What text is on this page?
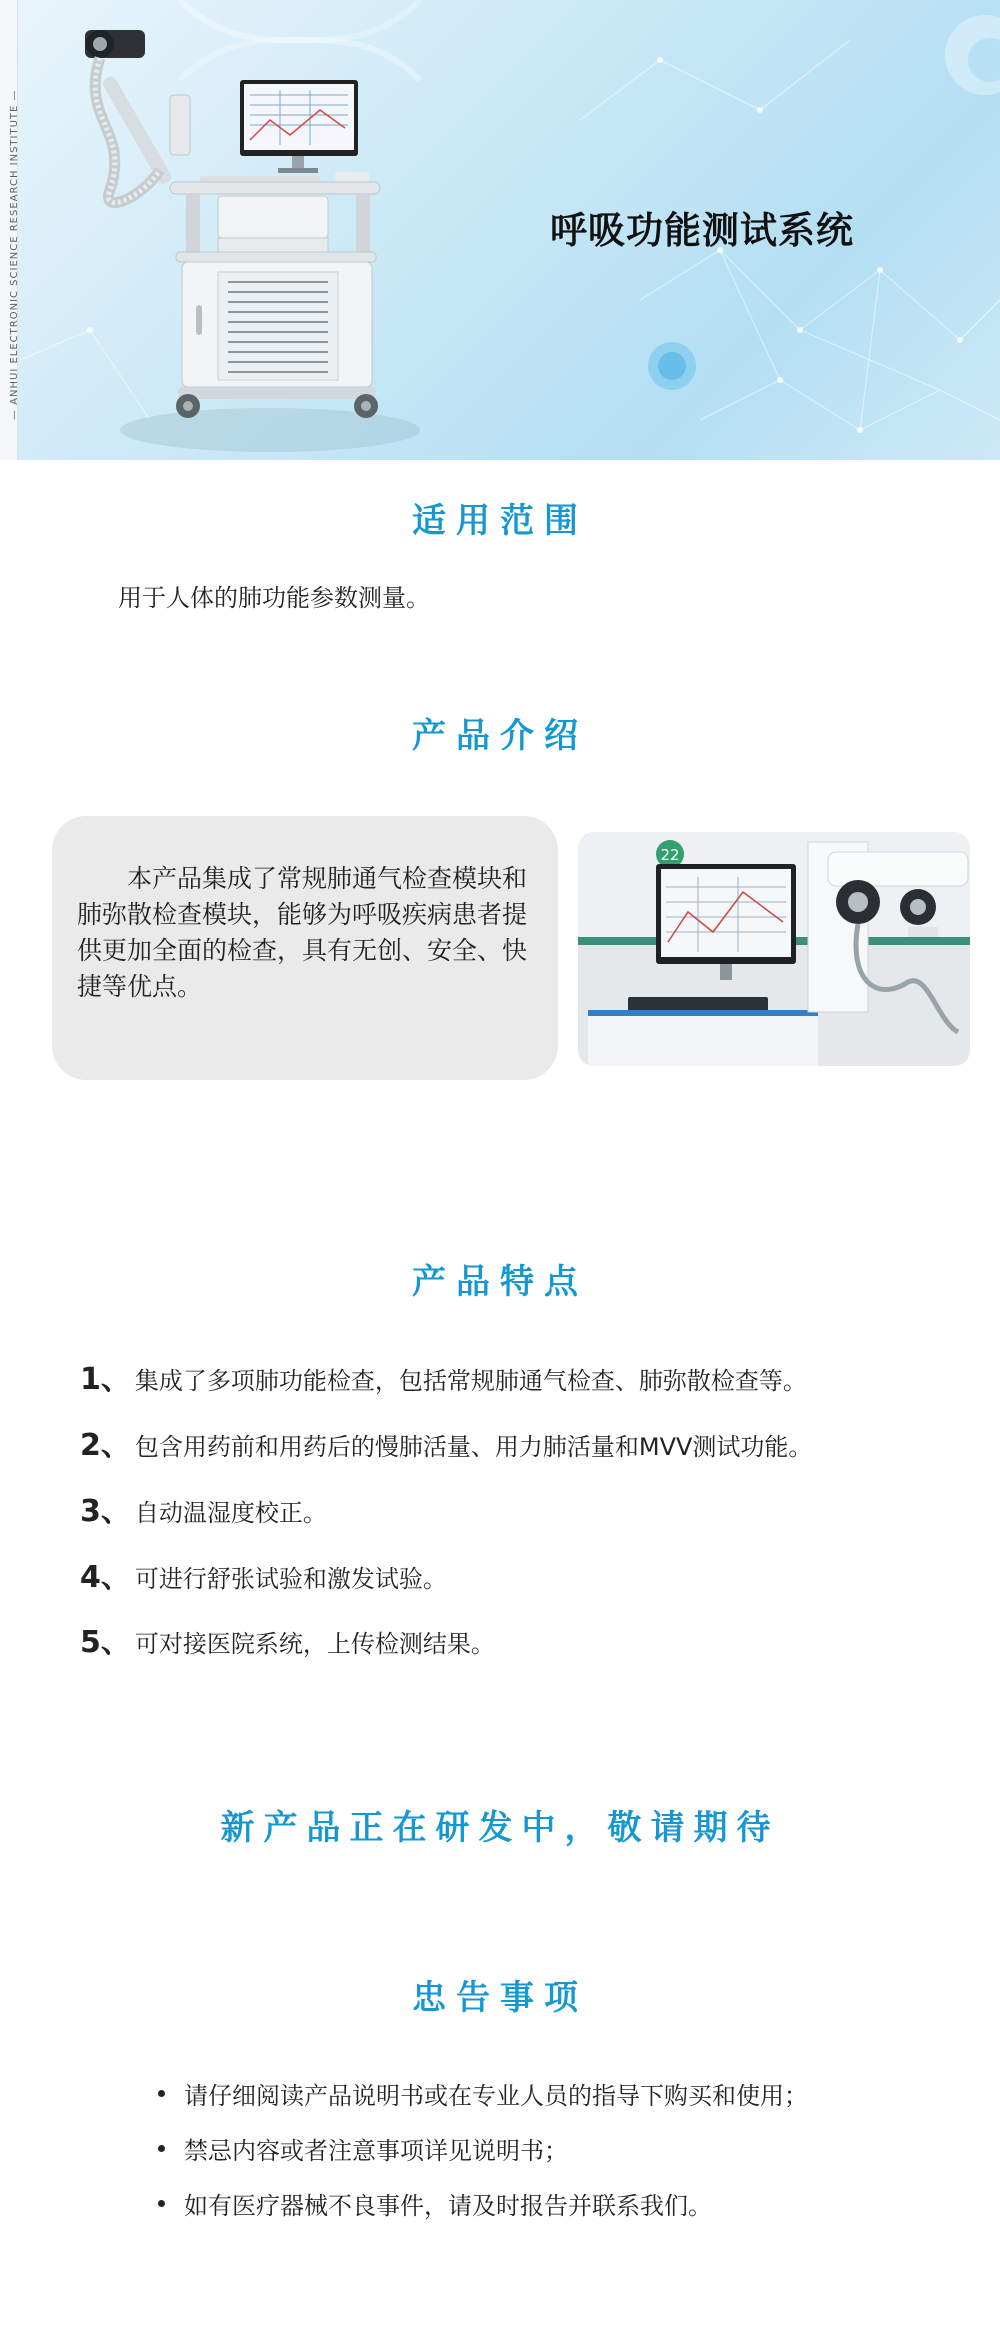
— ANHUI ELECTRONIC SCIENCE RESEARCH INSTITUTE —	呼吸功能测试系统
适用范围
用于人体的肺功能参数测量。
产品介绍
本产品集成了常规肺通气检查模块和肺弥散检查模块，能够为呼吸疾病患者提供更加全面的检查，具有无创、安全、快捷等优点。
22
产品特点
1、 集成了多项肺功能检查，包括常规肺通气检查、肺弥散检查等。
2、 包含用药前和用药后的慢肺活量、用力肺活量和MVV测试功能。
3、 自动温湿度校正。
4、 可进行舒张试验和激发试验。
5、 可对接医院系统，上传检测结果。
新产品正在研发中，敬请期待
忠告事项
请仔细阅读产品说明书或在专业人员的指导下购买和使用；
禁忌内容或者注意事项详见说明书；
如有医疗器械不良事件，请及时报告并联系我们。
